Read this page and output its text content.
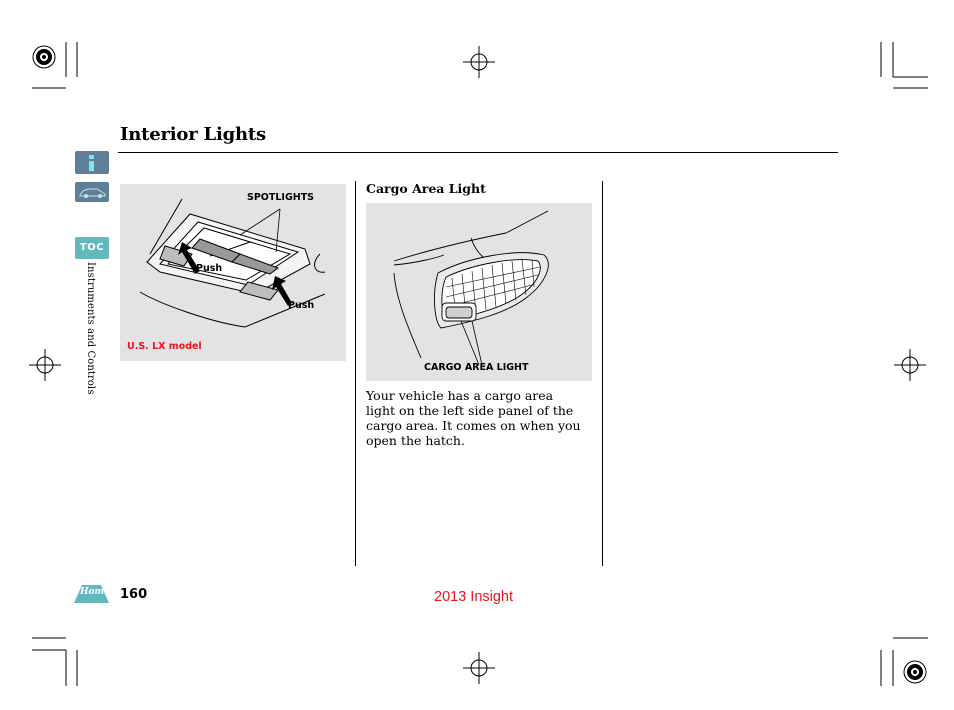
Interior Lights
TOC
Instruments and Controls
SPOTLIGHTS
Push
Push
U.S. LX model
Cargo Area Light
CARGO AREA LIGHT
Your vehicle has a cargo area light on the left side panel of the cargo area. It comes on when you open the hatch.
Home 160	2013 Insight
